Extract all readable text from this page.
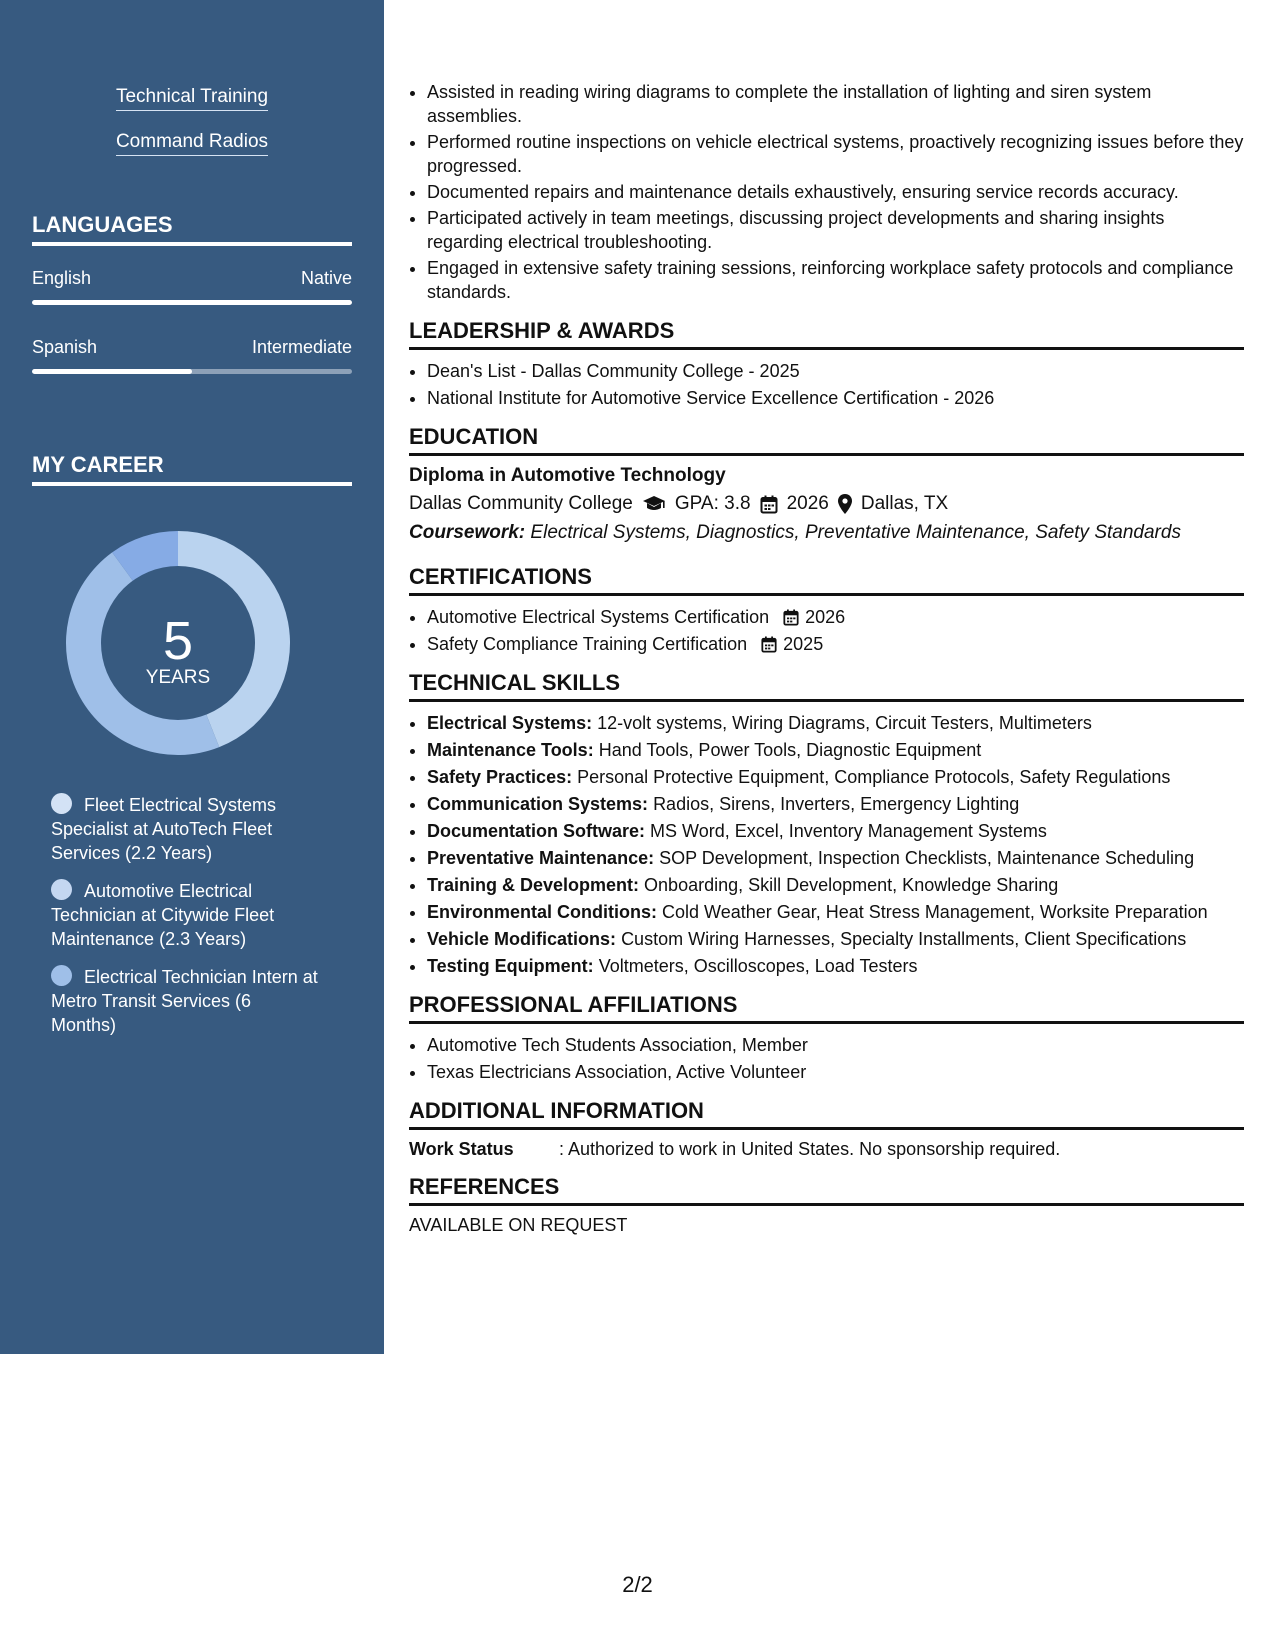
Technical Training
Command Radios
LANGUAGES
English	Native
Spanish	Intermediate
MY CAREER
5
YEARS
Fleet Electrical Systems Specialist at AutoTech Fleet Services (2.2 Years)
Automotive Electrical Technician at Citywide Fleet Maintenance (2.3 Years)
Electrical Technician Intern at Metro Transit Services (6 Months)
• Assisted in reading wiring diagrams to complete the installation of lighting and siren system assemblies.
• Performed routine inspections on vehicle electrical systems, proactively recognizing issues before they progressed.
• Documented repairs and maintenance details exhaustively, ensuring service records accuracy.
• Participated actively in team meetings, discussing project developments and sharing insights regarding electrical troubleshooting.
• Engaged in extensive safety training sessions, reinforcing workplace safety protocols and compliance standards.
LEADERSHIP & AWARDS
• Dean's List - Dallas Community College - 2025
• National Institute for Automotive Service Excellence Certification - 2026
EDUCATION
Diploma in Automotive Technology
Dallas Community College GPA: 3.8 2026 Dallas, TX
Coursework: Electrical Systems, Diagnostics, Preventative Maintenance, Safety Standards
CERTIFICATIONS
• Automotive Electrical Systems Certification 2026
• Safety Compliance Training Certification 2025
TECHNICAL SKILLS
• Electrical Systems: 12-volt systems, Wiring Diagrams, Circuit Testers, Multimeters
• Maintenance Tools: Hand Tools, Power Tools, Diagnostic Equipment
• Safety Practices: Personal Protective Equipment, Compliance Protocols, Safety Regulations
• Communication Systems: Radios, Sirens, Inverters, Emergency Lighting
• Documentation Software: MS Word, Excel, Inventory Management Systems
• Preventative Maintenance: SOP Development, Inspection Checklists, Maintenance Scheduling
• Training & Development: Onboarding, Skill Development, Knowledge Sharing
• Environmental Conditions: Cold Weather Gear, Heat Stress Management, Worksite Preparation
• Vehicle Modifications: Custom Wiring Harnesses, Specialty Installments, Client Specifications
• Testing Equipment: Voltmeters, Oscilloscopes, Load Testers
PROFESSIONAL AFFILIATIONS
• Automotive Tech Students Association, Member
• Texas Electricians Association, Active Volunteer
ADDITIONAL INFORMATION
Work Status	: Authorized to work in United States. No sponsorship required.
REFERENCES
AVAILABLE ON REQUEST
2/2
